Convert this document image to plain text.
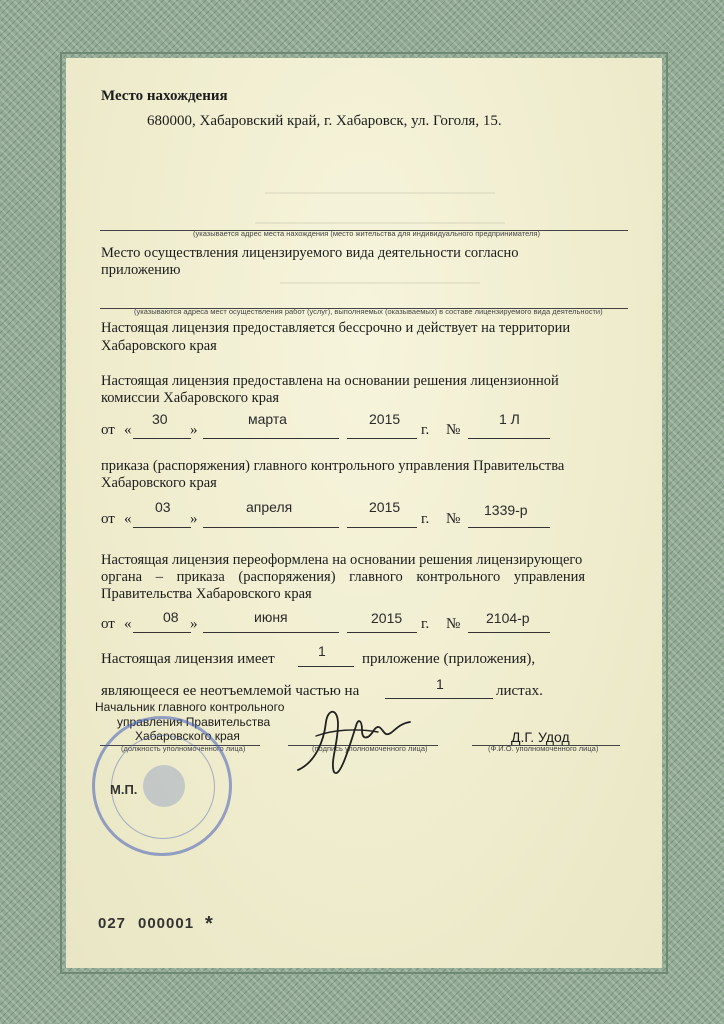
Место нахождения
680000, Хабаровский край, г. Хабаровск, ул. Гоголя, 15.
(указывается адрес места нахождения (место жительства для индивидуального предпринимателя)
Место осуществления лицензируемого вида деятельности согласно
приложению
(указываются адреса мест осуществления работ (услуг), выполняемых (оказываемых) в составе лицензируемого вида деятельности)
Настоящая лицензия предоставляется бессрочно и действует на территории
Хабаровского края
Настоящая лицензия предоставлена на основании решения лицензионной
комиссии Хабаровского края
от «
30
»
марта	2015
г. №
1 Л
приказа (распоряжения) главного контрольного управления Правительства
Хабаровского края
от «
03
»
апреля	2015
г. №
1339-р
Настоящая лицензия переоформлена на основании решения лицензирующего
органа – приказа (распоряжения) главного контрольного управления
Правительства Хабаровского края
от « 08 »	июня	2015 г. № 2104-р
Настоящая лицензия имеет	1 приложение (приложения),
являющееся ее неотъемлемой частью на	1	листах.
Начальник главного контрольного
управления Правительства
Хабаровского края
(должность уполномоченного лица)	(подпись уполномоченного лица)
Д.Г. Удод
(Ф.И.О. уполномоченного лица)
М.П.
027 000001 *
